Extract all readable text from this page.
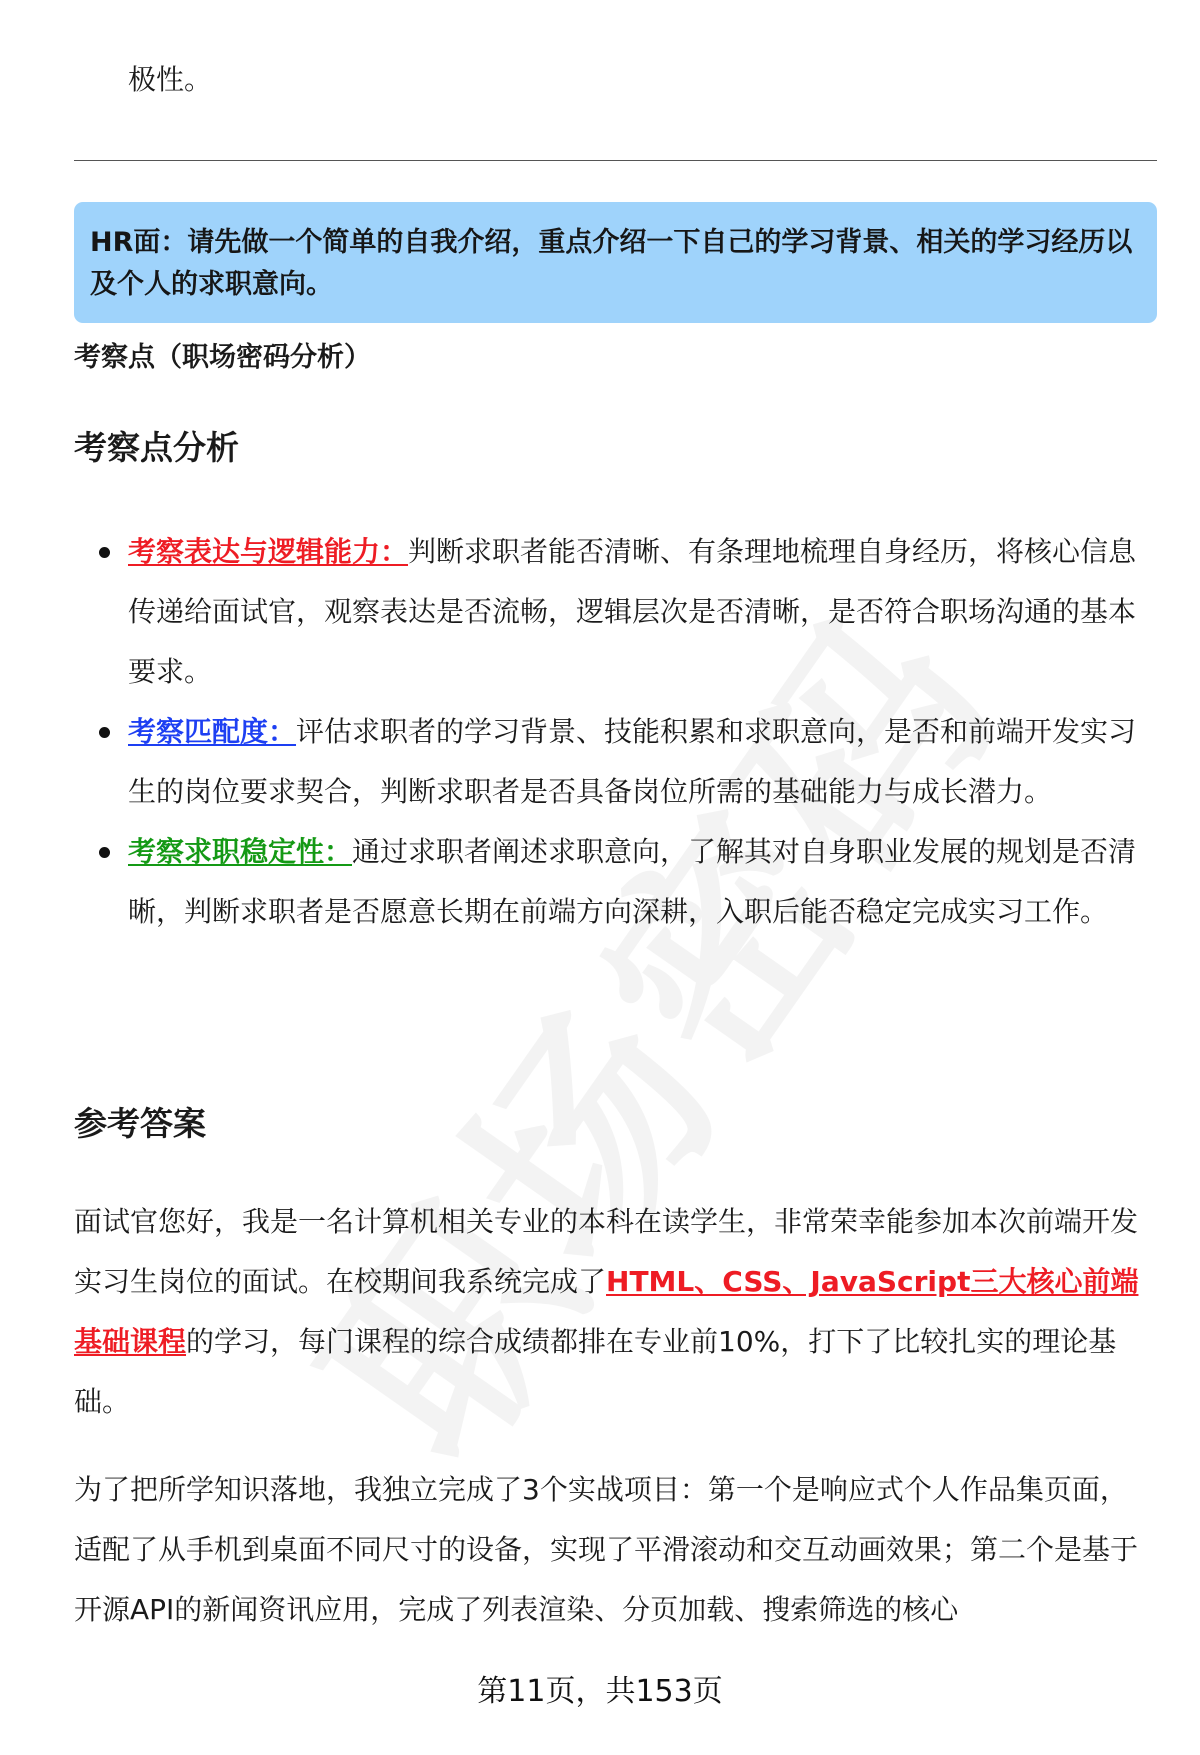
极性。
HR面：请先做一个简单的自我介绍，重点介绍一下自己的学习背景、相关的学习经历以及个人的求职意向。
考察点（职场密码分析）
考察点分析
考察表达与逻辑能力：判断求职者能否清晰、有条理地梳理自身经历，将核心信息传递给面试官，观察表达是否流畅，逻辑层次是否清晰，是否符合职场沟通的基本要求。
考察匹配度：评估求职者的学习背景、技能积累和求职意向，是否和前端开发实习生的岗位要求契合，判断求职者是否具备岗位所需的基础能力与成长潜力。
考察求职稳定性：通过求职者阐述求职意向，了解其对自身职业发展的规划是否清晰，判断求职者是否愿意长期在前端方向深耕，入职后能否稳定完成实习工作。
参考答案

面试官您好，我是一名计算机相关专业的本科在读学生，非常荣幸能参加本次前端开发实习生岗位的面试。在校期间我系统完成了HTML、CSS、JavaScript三大核心前端基础课程的学习，每门课程的综合成绩都排在专业前10%，打下了比较扎实的理论基础。

为了把所学知识落地，我独立完成了3个实战项目：第一个是响应式个人作品集页面，适配了从手机到桌面不同尺寸的设备，实现了平滑滚动和交互动画效果；第二个是基于开源API的新闻资讯应用，完成了列表渲染、分页加载、搜索筛选的核心

第11页，共153页
